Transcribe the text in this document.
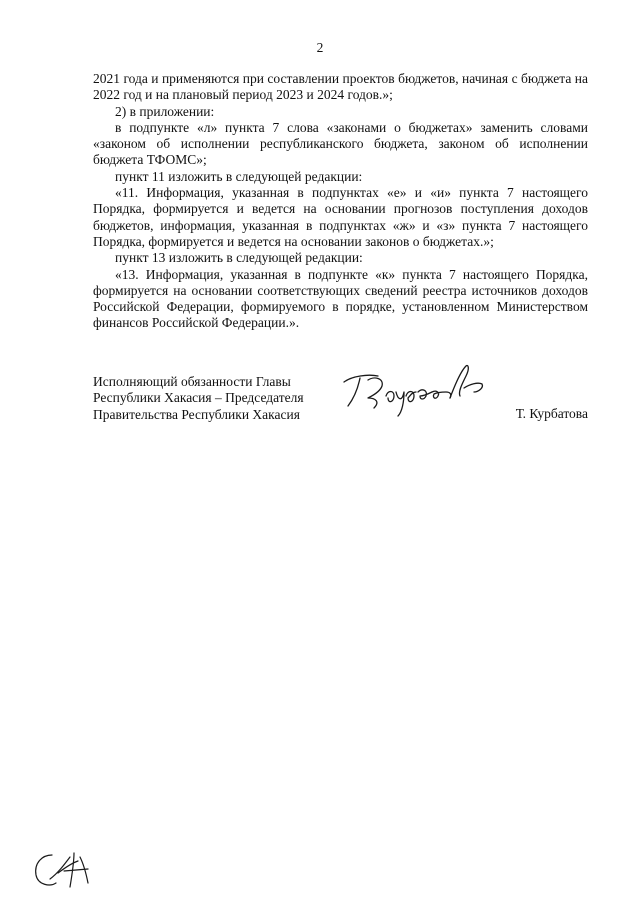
2

2021 года и применяются при составлении проектов бюджетов, начиная с бюджета на 2022 год и на плановый период 2023 и 2024 годов.»;

2) в приложении:

в подпункте «л» пункта 7 слова «законами о бюджетах» заменить словами «законом об исполнении республиканского бюджета, законом об исполнении бюджета ТФОМС»;

пункт 11 изложить в следующей редакции:

«11. Информация, указанная в подпунктах «е» и «и» пункта 7 настоящего Порядка, формируется и ведется на основании прогнозов поступления доходов бюджетов, информация, указанная в подпунктах «ж» и «з» пункта 7 настоящего Порядка, формируется и ведется на основании законов о бюджетах.»;

пункт 13 изложить в следующей редакции:

«13. Информация, указанная в подпункте «к» пункта 7 настоящего Порядка, формируется на основании соответствующих сведений реестра источников доходов Российской Федерации, формируемого в порядке, установленном Министерством финансов Российской Федерации.».

Исполняющий обязанности Главы
Республики Хакасия – Председателя
Правительства Республики Хакасия	Т. Курбатова
